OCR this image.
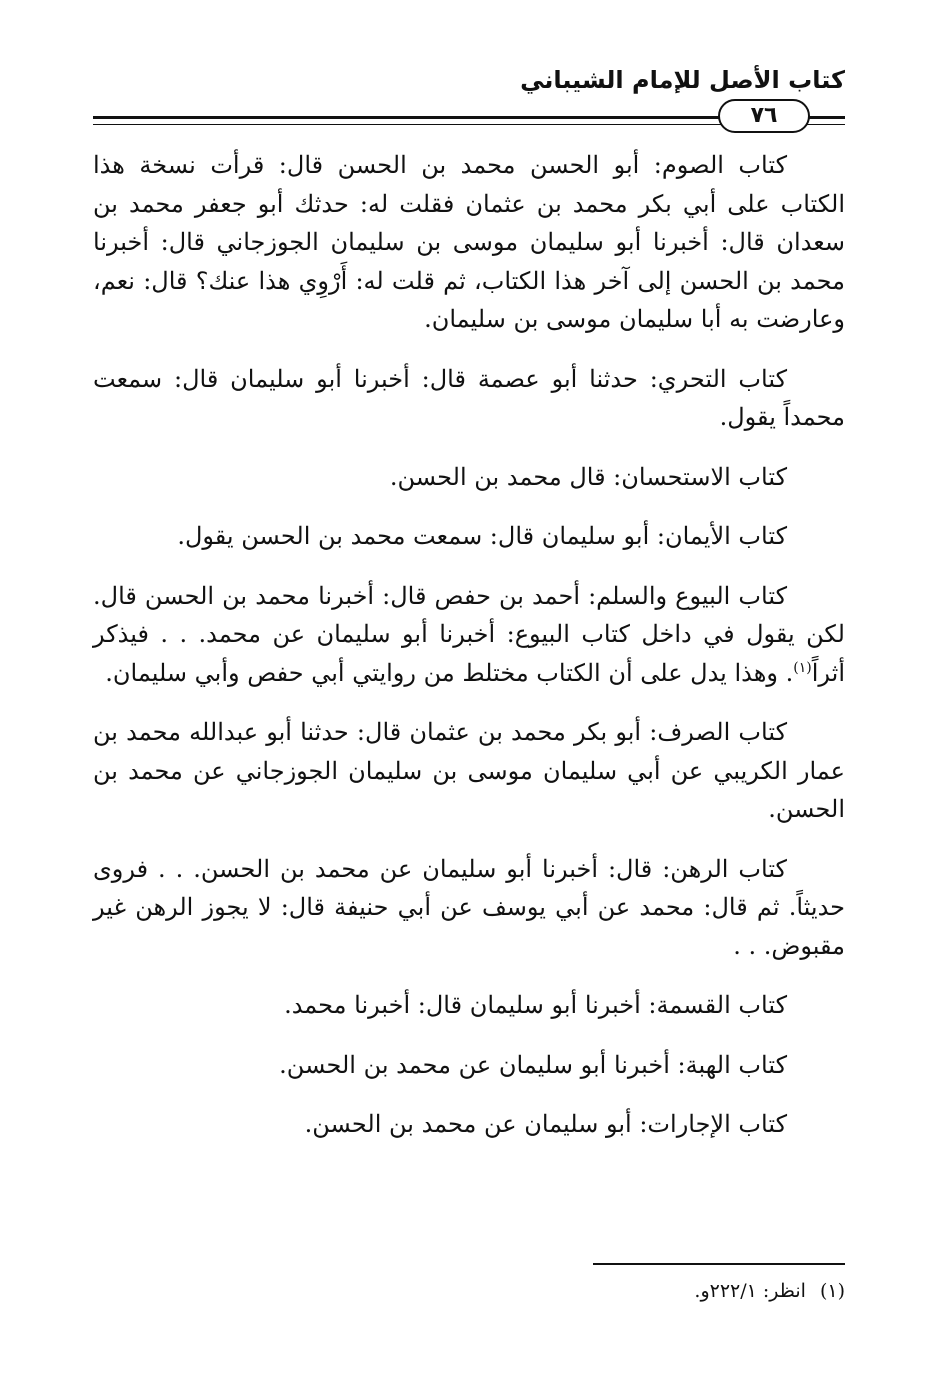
كتاب الأصل للإمام الشيباني
٧٦

كتاب الصوم: أبو الحسن محمد بن الحسن قال: قرأت نسخة هذا الكتاب على أبي بكر محمد بن عثمان فقلت له: حدثك أبو جعفر محمد بن سعدان قال: أخبرنا أبو سليمان موسى بن سليمان الجوزجاني قال: أخبرنا محمد بن الحسن إلى آخر هذا الكتاب، ثم قلت له: أَرْوِي هذا عنك؟ قال: نعم، وعارضت به أبا سليمان موسى بن سليمان.

كتاب التحري: حدثنا أبو عصمة قال: أخبرنا أبو سليمان قال: سمعت محمداً يقول.

كتاب الاستحسان: قال محمد بن الحسن.

كتاب الأيمان: أبو سليمان قال: سمعت محمد بن الحسن يقول.

كتاب البيوع والسلم: أحمد بن حفص قال: أخبرنا محمد بن الحسن قال. لكن يقول في داخل كتاب البيوع: أخبرنا أبو سليمان عن محمد. . . فيذكر أثراً$^{(١)}$. وهذا يدل على أن الكتاب مختلط من روايتي أبي حفص وأبي سليمان.

كتاب الصرف: أبو بكر محمد بن عثمان قال: حدثنا أبو عبدالله محمد بن عمار الكريبي عن أبي سليمان موسى بن سليمان الجوزجاني عن محمد بن الحسن.

كتاب الرهن: قال: أخبرنا أبو سليمان عن محمد بن الحسن. . . فروى حديثاً. ثم قال: محمد عن أبي يوسف عن أبي حنيفة قال: لا يجوز الرهن غير مقبوض. . .

كتاب القسمة: أخبرنا أبو سليمان قال: أخبرنا محمد.

كتاب الهبة: أخبرنا أبو سليمان عن محمد بن الحسن.

كتاب الإجارات: أبو سليمان عن محمد بن الحسن.

(١)انظر: ٢٢٢/١و.
